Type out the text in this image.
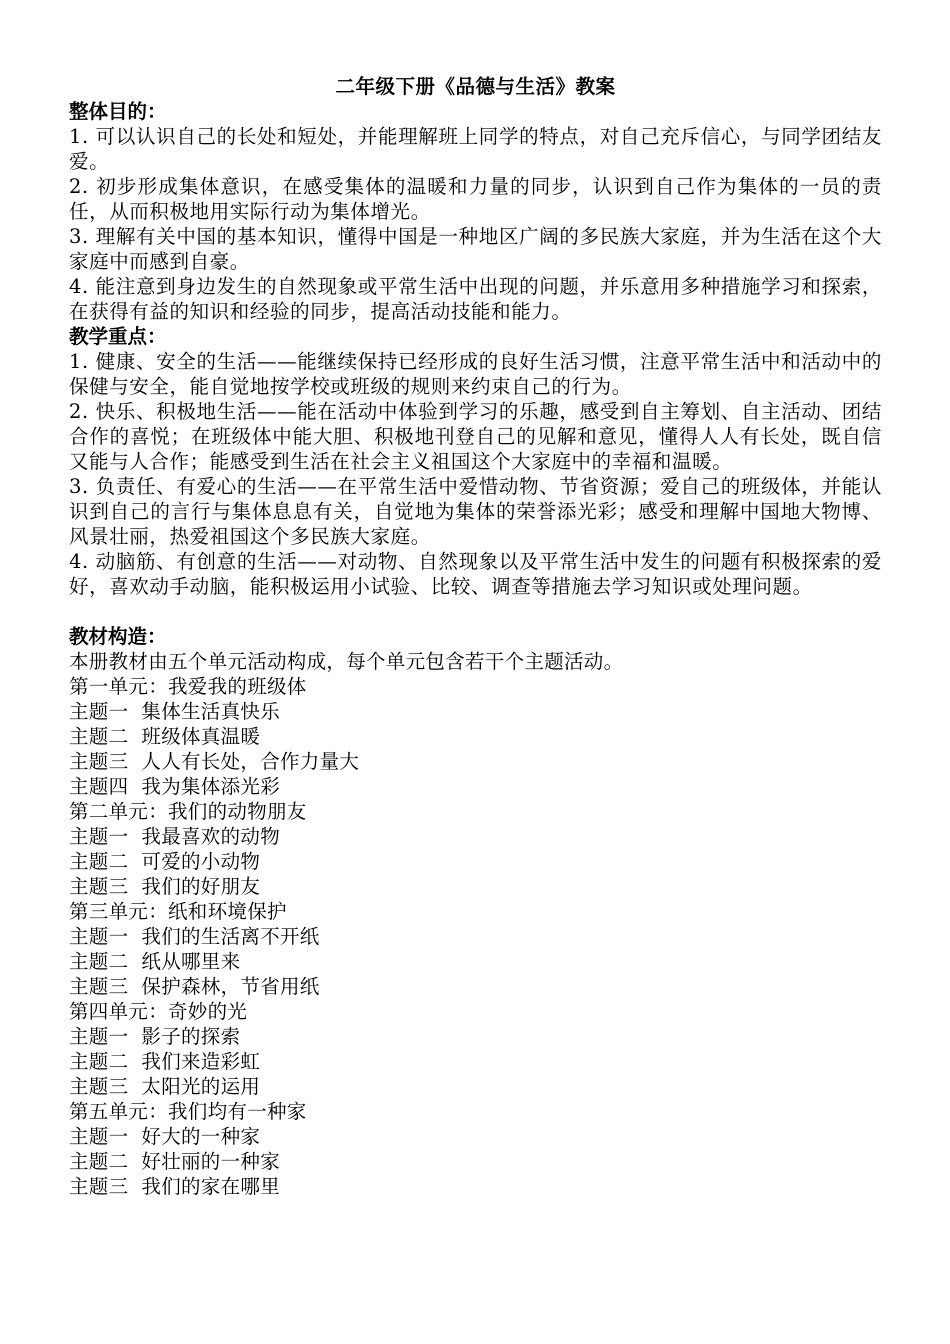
二年级下册《品德与生活》教案

整体目的：

1. 可以认识自己的长处和短处，并能理解班上同学的特点，对自己充斥信心，与同学团结友爱。

2. 初步形成集体意识，在感受集体的温暖和力量的同步，认识到自己作为集体的一员的责任，从而积极地用实际行动为集体增光。

3. 理解有关中国的基本知识，懂得中国是一种地区广阔的多民族大家庭，并为生活在这个大家庭中而感到自豪。

4. 能注意到身边发生的自然现象或平常生活中出现的问题，并乐意用多种措施学习和探索，在获得有益的知识和经验的同步，提高活动技能和能力。

教学重点：

1. 健康、安全的生活——能继续保持已经形成的良好生活习惯，注意平常生活中和活动中的保健与安全，能自觉地按学校或班级的规则来约束自己的行为。

2. 快乐、积极地生活——能在活动中体验到学习的乐趣，感受到自主筹划、自主活动、团结合作的喜悦；在班级体中能大胆、积极地刊登自己的见解和意见，懂得人人有长处，既自信又能与人合作；能感受到生活在社会主义祖国这个大家庭中的幸福和温暖。

3. 负责任、有爱心的生活——在平常生活中爱惜动物、节省资源；爱自己的班级体，并能认识到自己的言行与集体息息有关，自觉地为集体的荣誉添光彩；感受和理解中国地大物博、风景壮丽，热爱祖国这个多民族大家庭。

4. 动脑筋、有创意的生活——对动物、自然现象以及平常生活中发生的问题有积极探索的爱好，喜欢动手动脑，能积极运用小试验、比较、调查等措施去学习知识或处理问题。

教材构造：

本册教材由五个单元活动构成，每个单元包含若干个主题活动。

第一单元：我爱我的班级体

主题一  集体生活真快乐

主题二  班级体真温暖

主题三  人人有长处，合作力量大

主题四  我为集体添光彩

第二单元：我们的动物朋友

主题一  我最喜欢的动物

主题二  可爱的小动物

主题三  我们的好朋友

第三单元：纸和环境保护

主题一  我们的生活离不开纸

主题二  纸从哪里来

主题三  保护森林，节省用纸

第四单元：奇妙的光

主题一  影子的探索

主题二  我们来造彩虹

主题三  太阳光的运用

第五单元：我们均有一种家

主题一  好大的一种家

主题二  好壮丽的一种家

主题三  我们的家在哪里
